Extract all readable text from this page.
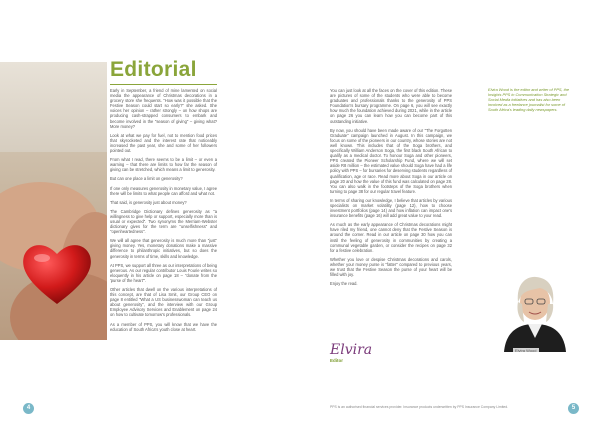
Editorial

Early in September, a friend of mine lamented on social media the appearance of Christmas decorations in a grocery store she frequents. "How was it possible that the Festive Season could start so early?" she asked. She voices her opinion – rather strongly – on how shops are producing cash-strapped consumers to embark and become involved in the "season of giving" – giving what? More money?

Look at what we pay for fuel, not to mention food prices that skyrocketed and the interest rate that noticeably increased the past year, she and some of her followers pointed out.

From what I read, there seems to be a limit – or even a warning – that there are limits to how far the season of giving can be stretched, which means a limit to generosity.

But can one place a limit on generosity?

If one only measures generosity in monetary value, I agree there will be limits to what people can afford and what not.

That said, is generosity just about money?

The Cambridge Dictionary defines generosity as "a willingness to give help or support, especially more than is usual or expected". Two synonyms the Merriam-Webster dictionary gives for the term are "unselfishness" and "openheartedness".

We will all agree that generosity is much more than "just" giving money. Yes, monetary donations make a massive difference to philanthropic initiatives, but so does the generosity in terms of time, skills and knowledge.

At PPS, we support all three as our interpretations of being generous. As our regular contributor Louis Fourie writes so eloquently in his article on page 18 – "donate from the 'purse of the heart'".

Other articles that dwell on the various interpretations of this concept, are that of Lisa Smit, our Group CEO on page 8 entitled "What a US businesswoman can teach us about generosity", and the interview with our Group Employee Advisory Services and Enablement on page 24 on how to cultivate tomorrow's professionals.

As a member of PPS, you will know that we have the education of South Africa's youth close at heart.

You can just look at all the faces on the cover of this edition. These are pictures of some of the students who were able to become graduates and professionals thanks to the generosity of PPS Foundation's bursary programme. On page 6, you will see exactly how much the foundation achieved during 2021, while in the article on page 26 you can learn how you can become part of this outstanding initiative.

By now, you should have been made aware of our "The Forgotten Graduate" campaign launched in August. In this campaign, we focus on some of the pioneers in our country, whose stories are not well known. This includes that of the Soga brothers, and specifically William Anderson Soga, the first black South African to qualify as a medical doctor. To honour Soga and other pioneers, PPS created the Pioneer Scholarship Fund, where we will set aside R8 million – the estimated value should Soga have had a life policy with PPS – for bursaries for deserving students regardless of qualification, age or race. Read more about Soga in our article on page 20 and how the value of this fund was calculated on page 28. You can also walk in the footsteps of the Soga brothers when turning to page 38 for our regular travel feature.

In terms of sharing our knowledge, I believe that articles by various specialists on market volatility (page 12), how to choose investment portfolios (page 14) and how inflation can impact one's insurance benefits (page 16) will add great value to your read.

As much as the early appearance of Christmas decorations might have riled my friend, one cannot deny that the Festive Season is around the corner. Read in our article on page 30 how you can instil the feeling of generosity in communities by creating a communal vegetable garden, or consider the recipes on page 32 for a festive celebration.

Whether you love or despise Christmas decorations and carols, whether your money purse is "fatter" compared to previous years, we trust that the Festive Season the purse of your heart will be filled with joy.

Enjoy the read.

Elvira
Editor
Elvira Wood is the editor and writer of PPS, the Insights PPS in Communication Strategic and Social Media initiatives and has also been involved as a freelance journalist for some of South Africa's leading daily newspapers.
Elvira Wood
4	5
PPS is an authorised financial services provider. Insurance products underwritten by PPS Insurance Company Limited.
